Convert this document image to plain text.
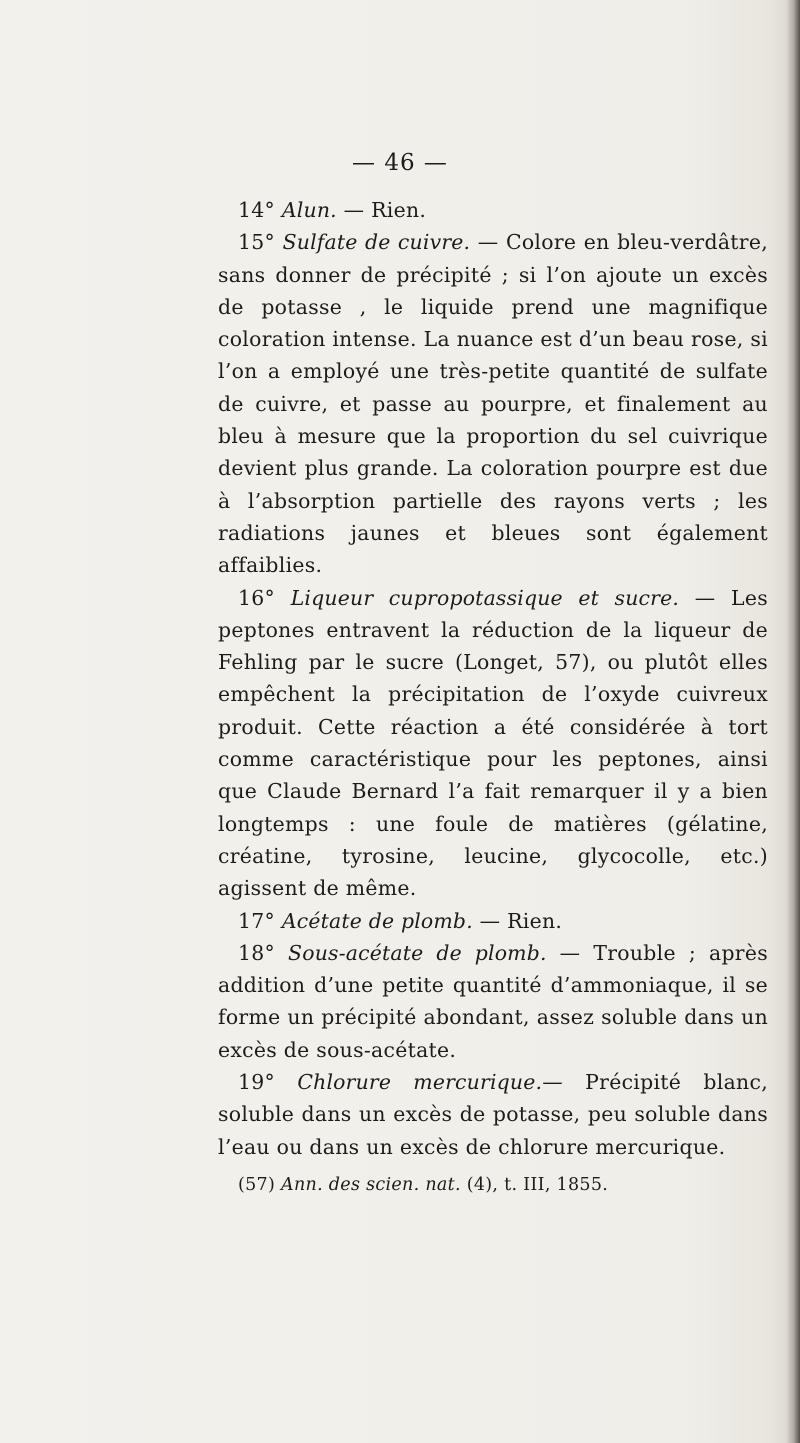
— 46 —

14° Alun. — Rien.

15° Sulfate de cuivre. — Colore en bleu-verdâtre, sans donner de précipité ; si l’on ajoute un excès de potasse , le liquide prend une magnifique coloration intense. La nuance est d’un beau rose, si l’on a employé une très-petite quantité de sulfate de cuivre, et passe au pourpre, et finalement au bleu à mesure que la proportion du sel cuivrique devient plus grande. La coloration pourpre est due à l’absorption partielle des rayons verts ; les radiations jaunes et bleues sont également affaiblies.

16° Liqueur cupropotassique et sucre. — Les peptones entravent la réduction de la liqueur de Fehling par le sucre (Longet, 57), ou plutôt elles empêchent la précipitation de l’oxyde cuivreux produit. Cette réaction a été considérée à tort comme caractéristique pour les peptones, ainsi que Claude Bernard l’a fait remarquer il y a bien longtemps : une foule de matières (gélatine, créatine, tyrosine, leucine, glycocolle, etc.) agissent de même.

17° Acétate de plomb. — Rien.

18° Sous-acétate de plomb. — Trouble ; après addition d’une petite quantité d’ammoniaque, il se forme un précipité abondant, assez soluble dans un excès de sous-acétate.

19° Chlorure mercurique.— Précipité blanc, soluble dans un excès de potasse, peu soluble dans l’eau ou dans un excès de chlorure mercurique.

(57) Ann. des scien. nat. (4), t. III, 1855.
